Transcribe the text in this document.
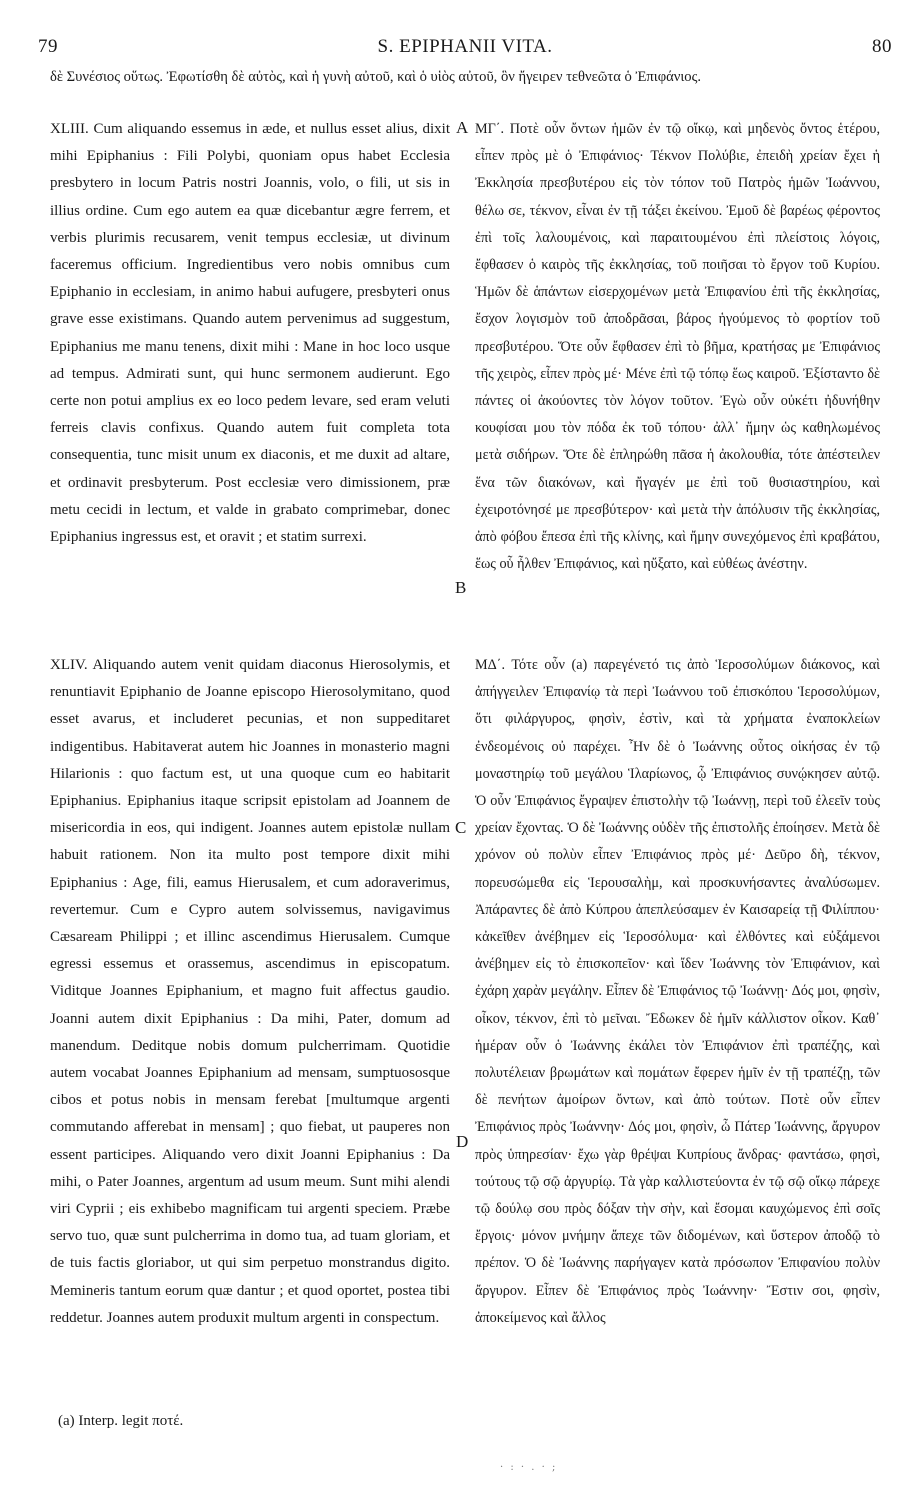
79	S. EPIPHANII VITA.	80
δὲ Συνέσιος οὕτως. Ἐφωτίσθη δὲ αὐτὸς, καὶ ἡ γυνὴ αὐτοῦ, καὶ ὁ υἱὸς αὐτοῦ, ὃν ἤγειρεν τεθνεῶτα ὁ Ἐπιφάνιος.

XLIII. Cum aliquando essemus in æde, et nullus esset alius, dixit mihi Epiphanius : Fili Polybi, quoniam opus habet Ecclesia presbytero in locum Patris nostri Joannis, volo, o fili, ut sis in illius ordine. Cum ego autem ea quæ dicebantur ægre ferrem, et verbis plurimis recusarem, venit tempus ecclesiæ, ut divinum faceremus officium. Ingredientibus vero nobis omnibus cum Epiphanio in ecclesiam, in animo habui aufugere, presbyteri onus grave esse existimans. Quando autem pervenimus ad suggestum, Epiphanius me manu tenens, dixit mihi : Mane in hoc loco usque ad tempus. Admirati sunt, qui hunc sermonem audierunt. Ego certe non potui amplius ex eo loco pedem levare, sed eram veluti ferreis clavis confixus. Quando autem fuit completa tota consequentia, tunc misit unum ex diaconis, et me duxit ad altare, et ordinavit presbyterum. Post ecclesiæ vero dimissionem, præ metu cecidi in lectum, et valde in grabato comprimebar, donec Epiphanius ingressus est, et oravit ; et statim surrexi.

XLIV. Aliquando autem venit quidam diaconus Hierosolymis, et renuntiavit Epiphanio de Joanne episcopo Hierosolymitano, quod esset avarus, et includeret pecunias, et non suppeditaret indigentibus. Habitaverat autem hic Joannes in monasterio magni Hilarionis : quo factum est, ut una quoque cum eo habitarit Epiphanius. Epiphanius itaque scripsit epistolam ad Joannem de misericordia in eos, qui indigent. Joannes autem epistolæ nullam habuit rationem. Non ita multo post tempore dixit mihi Epiphanius : Age, fili, eamus Hierusalem, et cum adoraverimus, revertemur. Cum e Cypro autem solvissemus, navigavimus Cæsaream Philippi ; et illinc ascendimus Hierusalem. Cumque egressi essemus et orassemus, ascendimus in episcopatum. Viditque Joannes Epiphanium, et magno fuit affectus gaudio. Joanni autem dixit Epiphanius : Da mihi, Pater, domum ad manendum. Deditque nobis domum pulcherrimam. Quotidie autem vocabat Joannes Epiphanium ad mensam, sumptuososque cibos et potus nobis in mensam ferebat [multumque argenti commutando afferebat in mensam] ; quo fiebat, ut pauperes non essent participes. Aliquando vero dixit Joanni Epiphanius : Da mihi, o Pater Joannes, argentum ad usum meum. Sunt mihi alendi viri Cyprii ; eis exhibebo magnificam tui argenti speciem. Præbe servo tuo, quæ sunt pulcherrima in domo tua, ad tuam gloriam, et de tuis factis gloriabor, ut qui sim perpetuo monstrandus digito. Memineris tantum eorum quæ dantur ; et quod oportet, postea tibi reddetur. Joannes autem produxit multum argenti in conspectum.

ΜΓ΄. Ποτὲ οὖν ὄντων ἡμῶν ἐν τῷ οἴκῳ, καὶ μηδενὸς ὄντος ἑτέρου, εἶπεν πρὸς μὲ ὁ Ἐπιφάνιος· Τέκνον Πολύβιε, ἐπειδὴ χρείαν ἔχει ἡ Ἐκκλησία πρεσβυτέρου εἰς τὸν τόπον τοῦ Πατρὸς ἡμῶν Ἰωάννου, θέλω σε, τέκνον, εἶναι ἐν τῇ τάξει ἐκείνου. Ἐμοῦ δὲ βαρέως φέροντος ἐπὶ τοῖς λαλουμένοις, καὶ παραιτουμένου ἐπὶ πλείστοις λόγοις, ἔφθασεν ὁ καιρὸς τῆς ἐκκλησίας, τοῦ ποιῆσαι τὸ ἔργον τοῦ Κυρίου. Ἡμῶν δὲ ἁπάντων εἰσερχομένων μετὰ Ἐπιφανίου ἐπὶ τῆς ἐκκλησίας, ἔσχον λογισμὸν τοῦ ἀποδρᾶσαι, βάρος ἡγούμενος τὸ φορτίον τοῦ πρεσβυτέρου. Ὅτε οὖν ἔφθασεν ἐπὶ τὸ βῆμα, κρατήσας με Ἐπιφάνιος τῆς χειρὸς, εἶπεν πρὸς μέ· Μένε ἐπὶ τῷ τόπῳ ἕως καιροῦ. Ἐξίσταντο δὲ πάντες οἱ ἀκούοντες τὸν λόγον τοῦτον. Ἐγὼ οὖν οὐκέτι ἠδυνήθην κουφίσαι μου τὸν πόδα ἐκ τοῦ τόπου· ἀλλ᾽ ἤμην ὡς καθηλωμένος μετὰ σιδήρων. Ὅτε δὲ ἐπληρώθη πᾶσα ἡ ἀκολουθία, τότε ἀπέστειλεν ἕνα τῶν διακόνων, καὶ ἤγαγέν με ἐπὶ τοῦ θυσιαστηρίου, καὶ ἐχειροτόνησέ με πρεσβύτερον· καὶ μετὰ τὴν ἀπόλυσιν τῆς ἐκκλησίας, ἀπὸ φόβου ἔπεσα ἐπὶ τῆς κλίνης, καὶ ἤμην συνεχόμενος ἐπὶ κραβάτου, ἕως οὗ ἦλθεν Ἐπιφάνιος, καὶ ηὔξατο, καὶ εὐθέως ἀνέστην.

ΜΔ΄. Τότε οὖν (a) παρεγένετό τις ἀπὸ Ἱεροσολύμων διάκονος, καὶ ἀπήγγειλεν Ἐπιφανίῳ τὰ περὶ Ἰωάννου τοῦ ἐπισκόπου Ἱεροσολύμων, ὅτι φιλάργυρος, φησὶν, ἐστὶν, καὶ τὰ χρήματα ἐναποκλείων ἐνδεομένοις οὐ παρέχει. Ἦν δὲ ὁ Ἰωάννης οὗτος οἰκήσας ἐν τῷ μοναστηρίῳ τοῦ μεγάλου Ἱλαρίωνος, ᾧ Ἐπιφάνιος συνῴκησεν αὐτῷ. Ὁ οὖν Ἐπιφάνιος ἔγραψεν ἐπιστολὴν τῷ Ἰωάννῃ, περὶ τοῦ ἐλεεῖν τοὺς χρείαν ἔχοντας. Ὁ δὲ Ἰωάννης οὐδὲν τῆς ἐπιστολῆς ἐποίησεν. Μετὰ δὲ χρόνον οὐ πολὺν εἶπεν Ἐπιφάνιος πρὸς μέ· Δεῦρο δὴ, τέκνον, πορευσώμεθα εἰς Ἱερουσαλὴμ, καὶ προσκυνήσαντες ἀναλύσωμεν. Ἀπάραντες δὲ ἀπὸ Κύπρου ἀπεπλεύσαμεν ἐν Καισαρείᾳ τῇ Φιλίππου· κἀκεῖθεν ἀνέβημεν εἰς Ἱεροσόλυμα· καὶ ἐλθόντες καὶ εὐξάμενοι ἀνέβημεν εἰς τὸ ἐπισκοπεῖον· καὶ ἴδεν Ἰωάννης τὸν Ἐπιφάνιον, καὶ ἐχάρη χαρὰν μεγάλην. Εἶπεν δὲ Ἐπιφάνιος τῷ Ἰωάννῃ· Δός μοι, φησὶν, οἶκον, τέκνον, ἐπὶ τὸ μεῖναι. Ἔδωκεν δὲ ἡμῖν κάλλιστον οἶκον. Καθ᾽ ἡμέραν οὖν ὁ Ἰωάννης ἐκάλει τὸν Ἐπιφάνιον ἐπὶ τραπέζης, καὶ πολυτέλειαν βρωμάτων καὶ πομάτων ἔφερεν ἡμῖν ἐν τῇ τραπέζῃ, τῶν δὲ πενήτων ἀμοίρων ὄντων, καὶ ἀπὸ τούτων. Ποτὲ οὖν εἶπεν Ἐπιφάνιος πρὸς Ἰωάννην· Δός μοι, φησὶν, ὦ Πάτερ Ἰωάννης, ἄργυρον πρὸς ὑπηρεσίαν· ἔχω γὰρ θρέψαι Κυπρίους ἄνδρας· φαντάσω, φησὶ, τούτους τῷ σῷ ἀργυρίῳ. Τὰ γὰρ καλλιστεύοντα ἐν τῷ σῷ οἴκῳ πάρεχε τῷ δούλῳ σου πρὸς δόξαν τὴν σὴν, καὶ ἔσομαι καυχώμενος ἐπὶ σοῖς ἔργοις· μόνον μνήμην ἄπεχε τῶν διδομένων, καὶ ὕστερον ἀποδῷ τὸ πρέπον. Ὁ δὲ Ἰωάννης παρήγαγεν κατὰ πρόσωπον Ἐπιφανίου πολὺν ἄργυρον. Εἶπεν δὲ Ἐπιφάνιος πρὸς Ἰωάννην· Ἔστιν σοι, φησὶν, ἀποκείμενος καὶ ἄλλος

A
B
C
D
(a) Interp. legit ποτέ.
· : · . · ;
